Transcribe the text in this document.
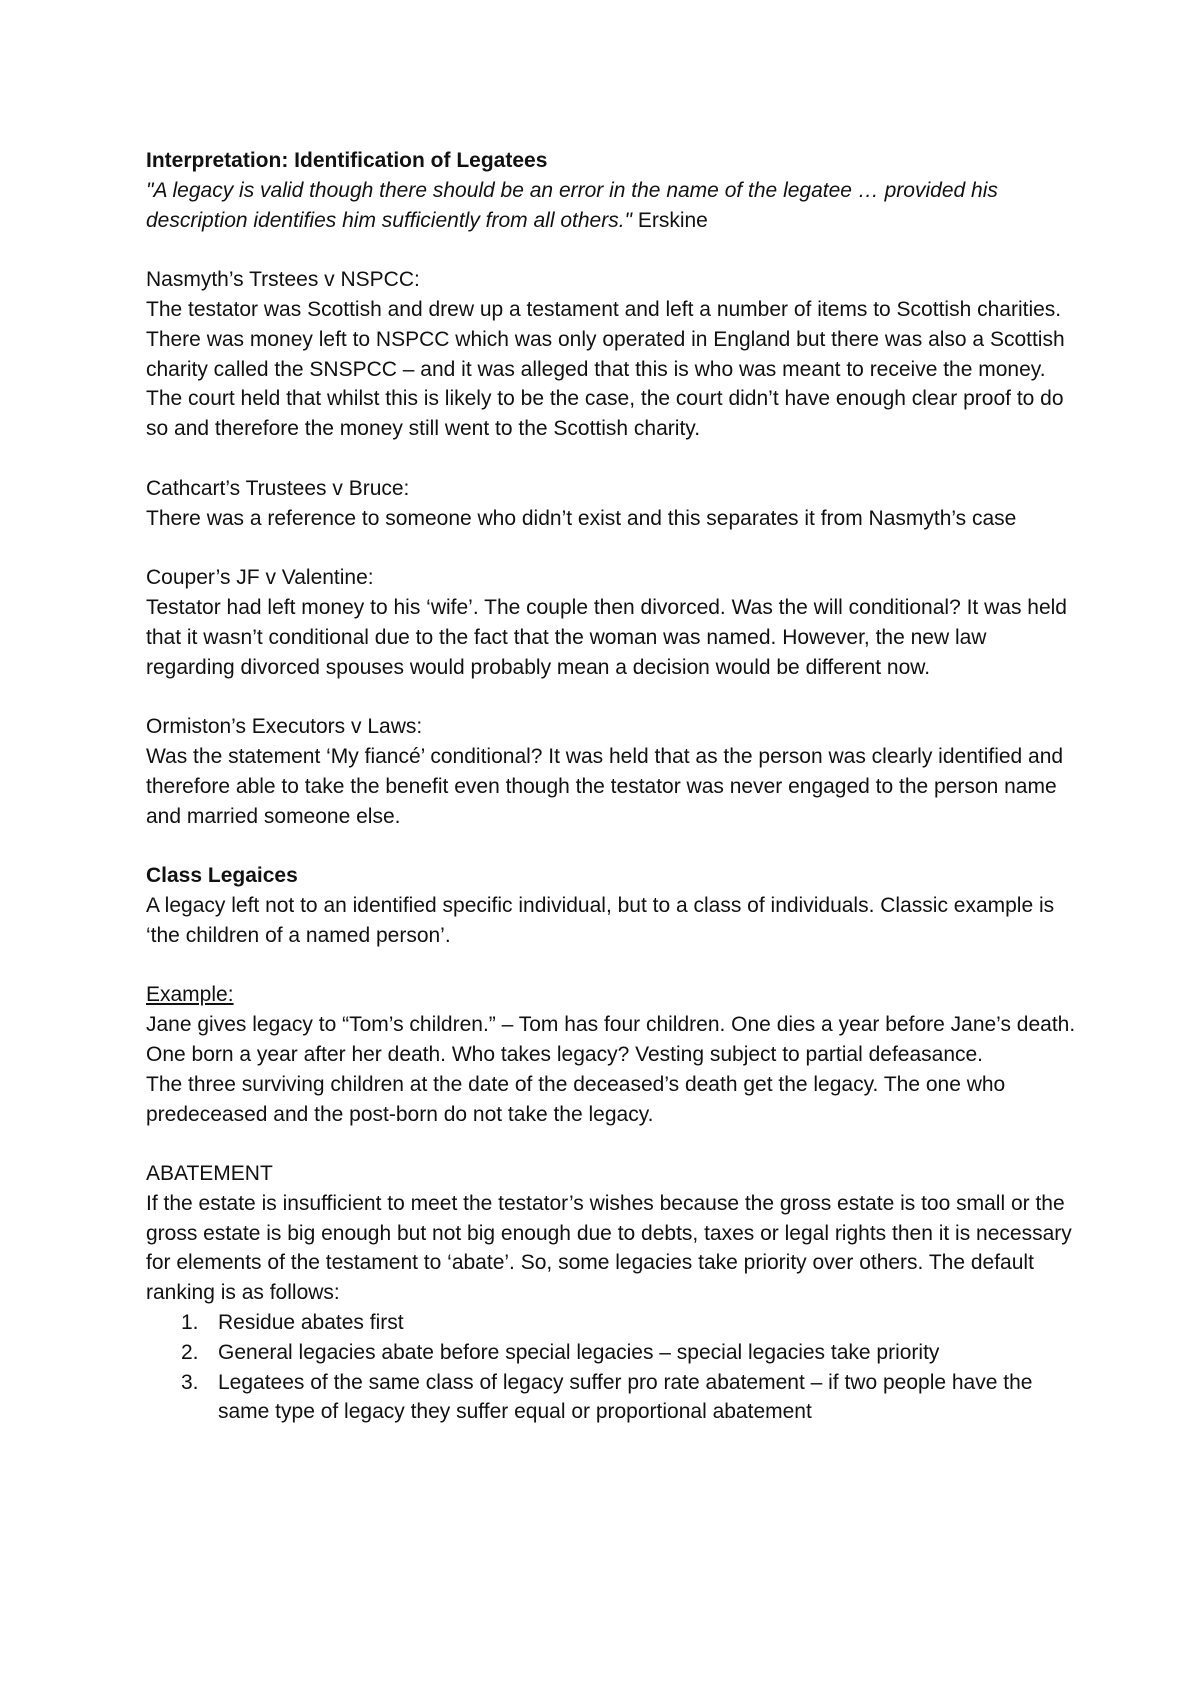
Interpretation: Identification of Legatees

"A legacy is valid though there should be an error in the name of the legatee … provided his description identifies him sufficiently from all others." Erskine

Nasmyth’s Trstees v NSPCC:

The testator was Scottish and drew up a testament and left a number of items to Scottish charities. There was money left to NSPCC which was only operated in England but there was also a Scottish charity called the SNSPCC – and it was alleged that this is who was meant to receive the money. The court held that whilst this is likely to be the case, the court didn’t have enough clear proof to do so and therefore the money still went to the Scottish charity.

Cathcart’s Trustees v Bruce:

There was a reference to someone who didn’t exist and this separates it from Nasmyth’s case

Couper’s JF v Valentine:

Testator had left money to his ‘wife’. The couple then divorced. Was the will conditional? It was held that it wasn’t conditional due to the fact that the woman was named. However, the new law regarding divorced spouses would probably mean a decision would be different now.

Ormiston’s Executors v Laws:

Was the statement ‘My fiancé’ conditional? It was held that as the person was clearly identified and therefore able to take the benefit even though the testator was never engaged to the person name and married someone else.

Class Legaices

A legacy left not to an identified specific individual, but to a class of individuals. Classic example is ‘the children of a named person’.

Example:

Jane gives legacy to “Tom’s children.” – Tom has four children. One dies a year before Jane’s death. One born a year after her death. Who takes legacy? Vesting subject to partial defeasance.

The three surviving children at the date of the deceased’s death get the legacy. The one who predeceased and the post-born do not take the legacy.

ABATEMENT

If the estate is insufficient to meet the testator’s wishes because the gross estate is too small or the gross estate is big enough but not big enough due to debts, taxes or legal rights then it is necessary for elements of the testament to ‘abate’. So, some legacies take priority over others. The default ranking is as follows:

1. Residue abates first
2. General legacies abate before special legacies – special legacies take priority
3. Legatees of the same class of legacy suffer pro rate abatement – if two people have the same type of legacy they suffer equal or proportional abatement
